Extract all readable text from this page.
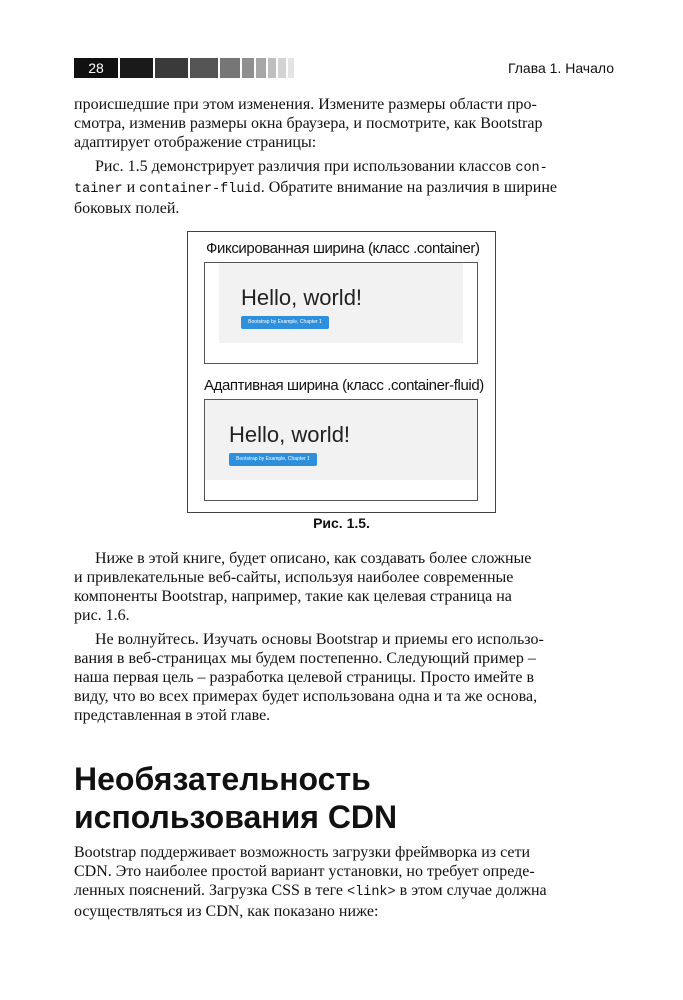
28	Глава 1. Начало

происшедшие при этом изменения. Измените размеры области про-

смотра, изменив размеры окна браузера, и посмотрите, как Bootstrap

адаптирует отображение страницы:

Рис. 1.5 демонстрирует различия при использовании классов con-

tainer и container-fluid. Обратите внимание на различия в ширине

боковых полей.

Фиксированная ширина (класс .container)
Hello, world!
Bootstrap by Example, Chapter 1
Адаптивная ширина (класс .container-fluid)
Hello, world!
Bootstrap by Example, Chapter 1
Рис. 1.5.

Ниже в этой книге, будет описано, как создавать более сложные

и привлекательные веб-сайты, используя наиболее современные

компоненты Bootstrap, например, такие как целевая страница на

рис. 1.6.

Не волнуйтесь. Изучать основы Bootstrap и приемы его использо-

вания в веб-страницах мы будем постепенно. Следующий пример –

наша первая цель – разработка целевой страницы. Просто имейте в

виду, что во всех примерах будет использована одна и та же основа,

представленная в этой главе.

Необязательность
использования CDN

Bootstrap поддерживает возможность загрузки фреймворка из сети

CDN. Это наиболее простой вариант установки, но требует опреде-

ленных пояснений. Загрузка CSS в теге <link> в этом случае должна

осуществляться из CDN, как показано ниже:
